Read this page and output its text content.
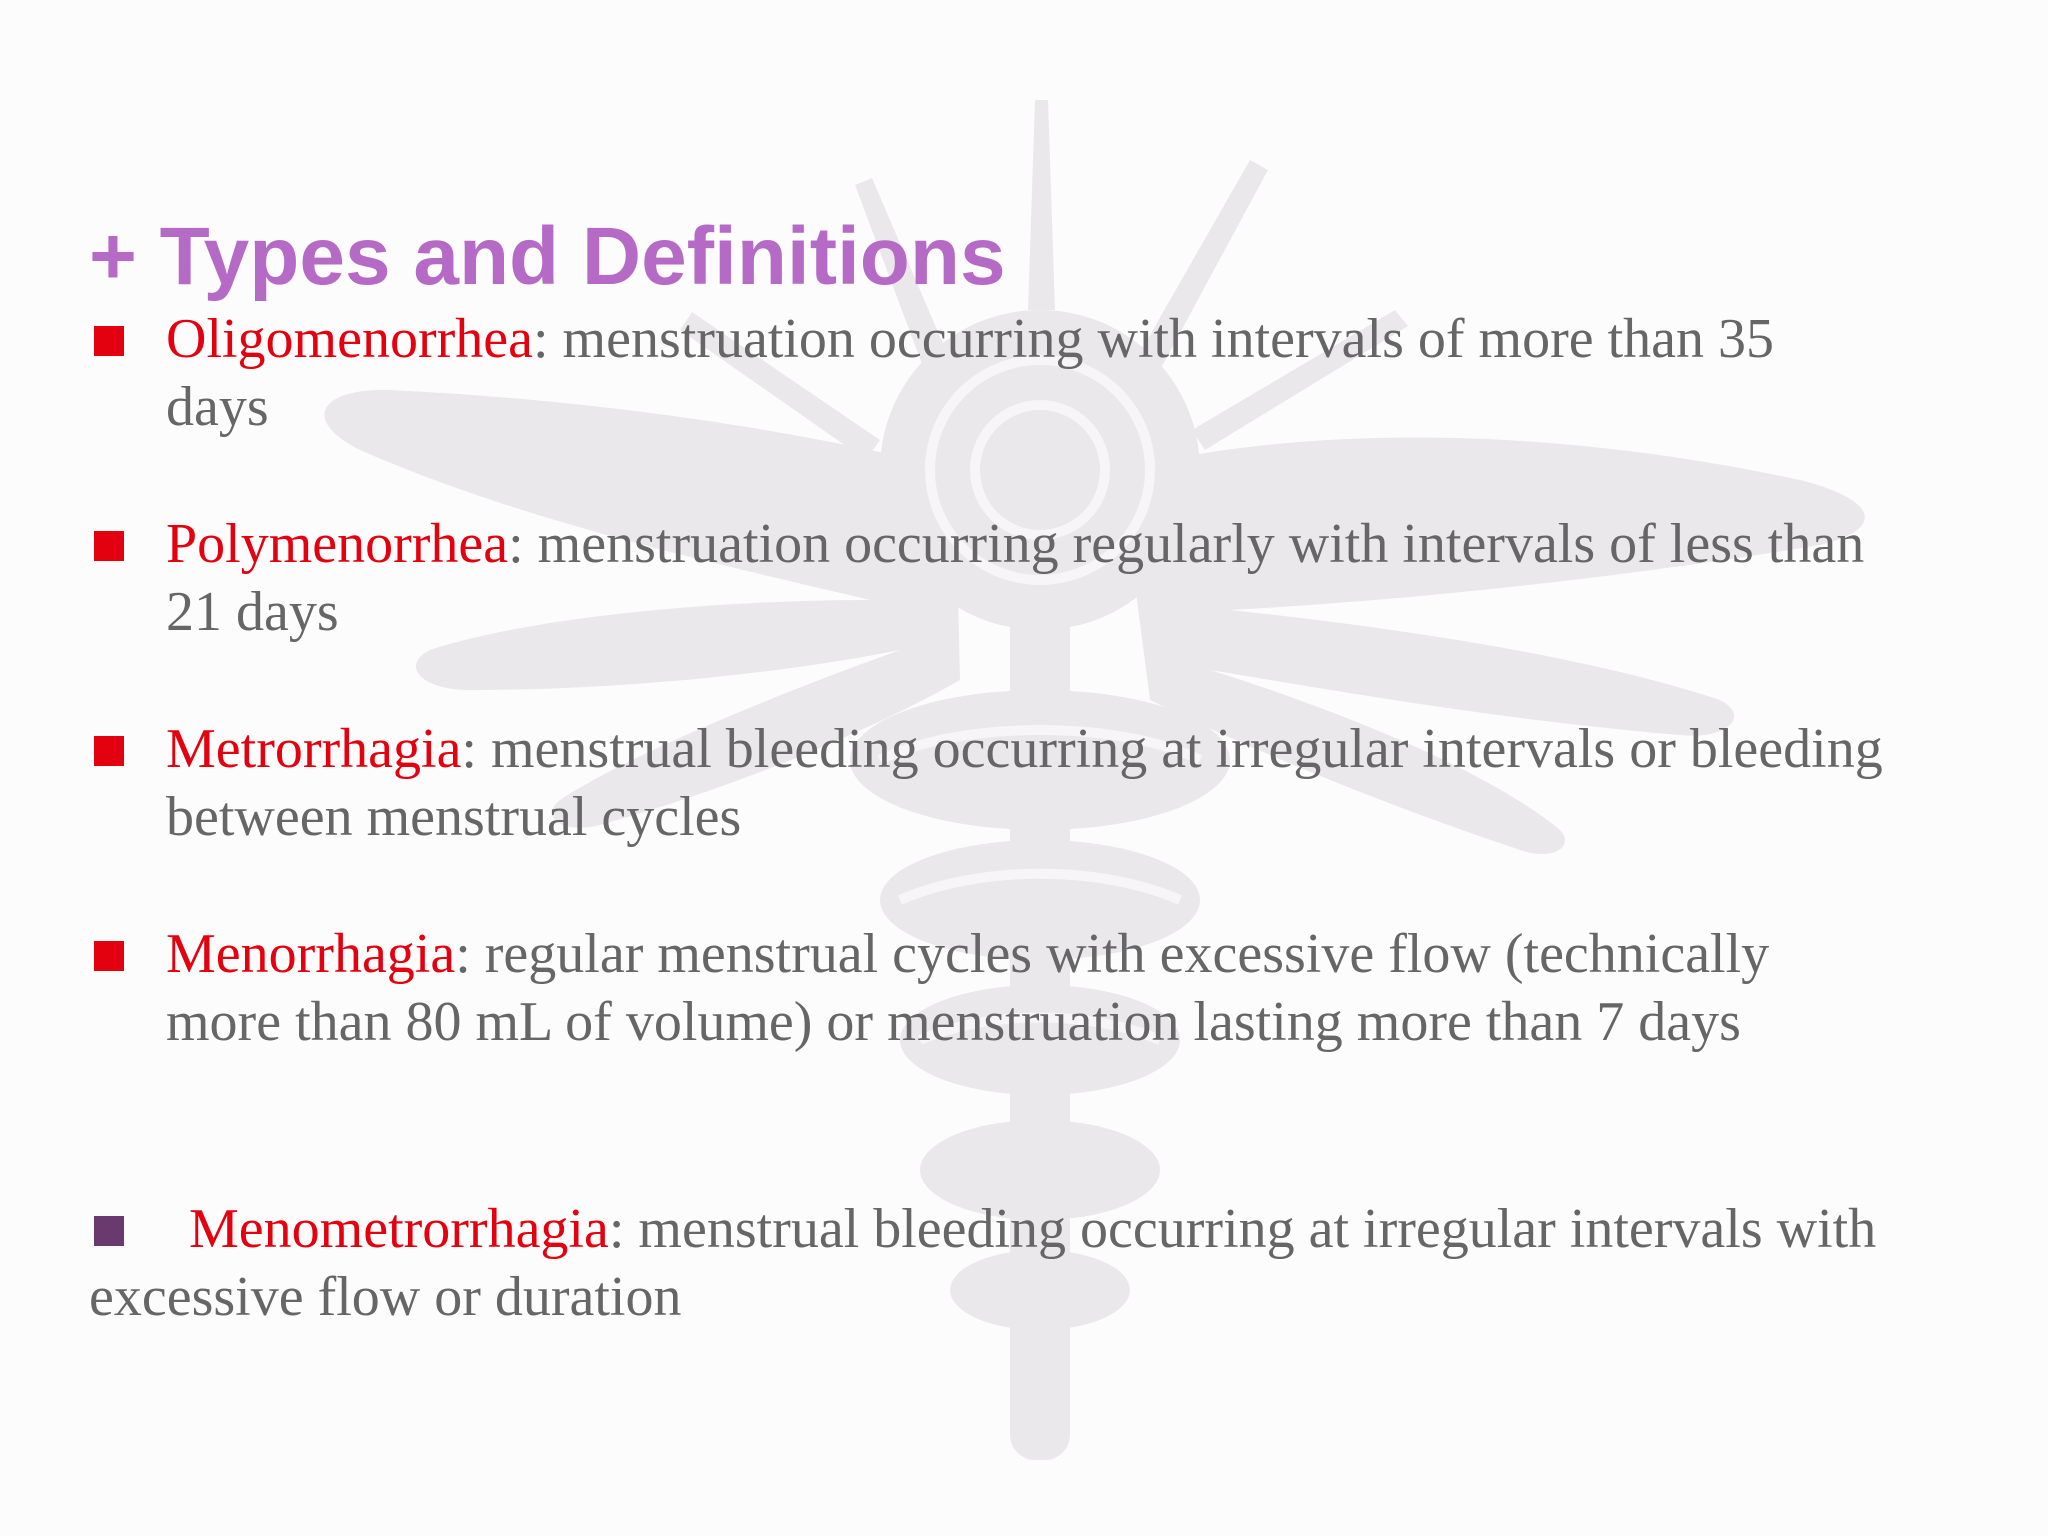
+ Types and Definitions

Oligomenorrhea: menstruation occurring with intervals of more than 35 days

Polymenorrhea: menstruation occurring regularly with intervals of less than 21 days

Metrorrhagia: menstrual bleeding occurring at irregular intervals or bleeding between menstrual cycles

Menorrhagia: regular menstrual cycles with excessive flow (technically more than 80 mL of volume) or menstruation lasting more than 7 days

Menometrorrhagia: menstrual bleeding occurring at irregular intervals with excessive flow or duration
